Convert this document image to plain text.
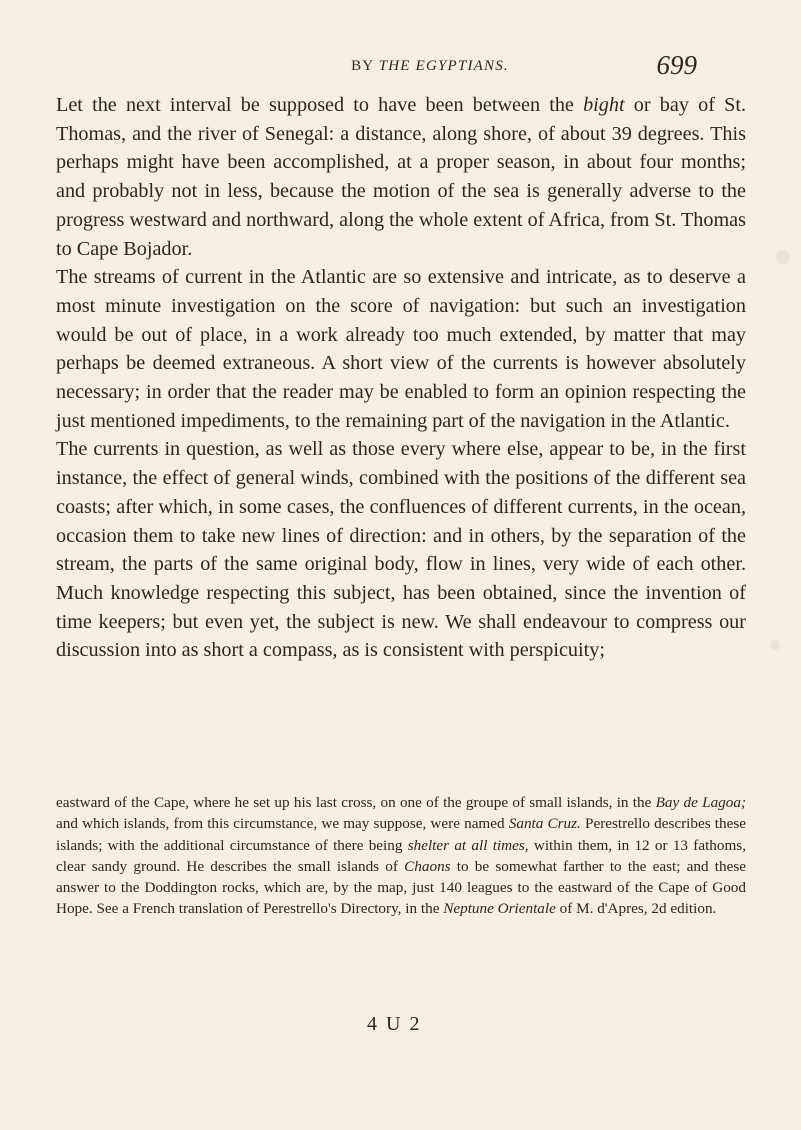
BY THE EGYPTIANS.	699

Let the next interval be supposed to have been between the bight or bay of St. Thomas, and the river of Senegal: a distance, along shore, of about 39 degrees. This perhaps might have been accomplished, at a proper season, in about four months; and probably not in less, because the motion of the sea is generally adverse to the progress westward and northward, along the whole extent of Africa, from St. Thomas to Cape Bojador.

The streams of current in the Atlantic are so extensive and intricate, as to deserve a most minute investigation on the score of navigation: but such an investigation would be out of place, in a work already too much extended, by matter that may perhaps be deemed extraneous. A short view of the currents is however absolutely necessary; in order that the reader may be enabled to form an opinion respecting the just mentioned impediments, to the remaining part of the navigation in the Atlantic.

The currents in question, as well as those every where else, appear to be, in the first instance, the effect of general winds, combined with the positions of the different sea coasts; after which, in some cases, the confluences of different currents, in the ocean, occasion them to take new lines of direction: and in others, by the separation of the stream, the parts of the same original body, flow in lines, very wide of each other. Much knowledge respecting this subject, has been obtained, since the invention of time keepers; but even yet, the subject is new. We shall endeavour to compress our discussion into as short a compass, as is consistent with perspicuity;

eastward of the Cape, where he set up his last cross, on one of the groupe of small islands, in the Bay de Lagoa; and which islands, from this circumstance, we may suppose, were named Santa Cruz. Perestrello describes these islands; with the additional circumstance of there being shelter at all times, within them, in 12 or 13 fathoms, clear sandy ground. He describes the small islands of Chaons to be somewhat farther to the east; and these answer to the Doddington rocks, which are, by the map, just 140 leagues to the eastward of the Cape of Good Hope. See a French translation of Perestrello's Directory, in the Neptune Orientale of M. d'Apres, 2d edition.
4 U 2
